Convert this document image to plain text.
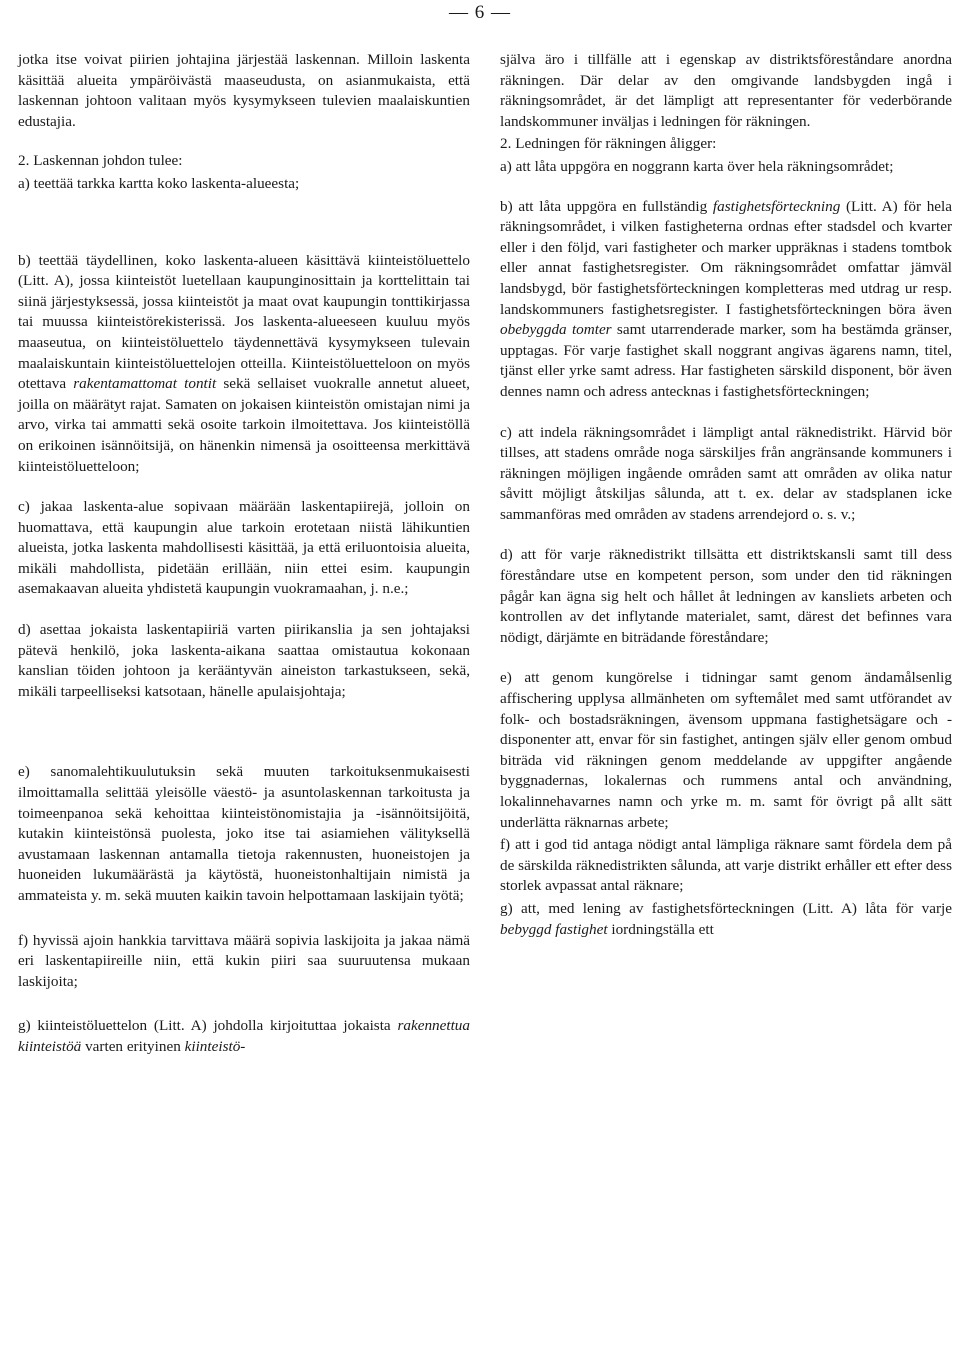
— 6 —

jotka itse voivat piirien johtajina järjestää laskennan. Milloin laskenta käsittää alueita ympäröivästä maaseudusta, on asianmukaista, että laskennan johtoon valitaan myös kysymykseen tulevien maalaiskuntien edustajia.

2. Laskennan johdon tulee:

a) teettää tarkka kartta koko laskenta-alueesta;

b) teettää täydellinen, koko laskenta-alueen käsittävä kiinteistöluettelo (Litt. A), jossa kiinteistöt luetellaan kaupunginosittain ja korttelittain tai siinä järjestyksessä, jossa kiinteistöt ja maat ovat kaupungin tonttikirjassa tai muussa kiinteistörekisterissä. Jos laskenta-alueeseen kuuluu myös maaseutua, on kiinteistöluettelo täydennettävä kysymykseen tulevain maalaiskuntain kiinteistöluettelojen otteilla. Kiinteistöluetteloon on myös otettava rakentamattomat tontit sekä sellaiset vuokralle annetut alueet, joilla on määrätyt rajat. Samaten on jokaisen kiinteistön omistajan nimi ja arvo, virka tai ammatti sekä osoite tarkoin ilmoitettava. Jos kiinteistöllä on erikoinen isännöitsijä, on hänenkin nimensä ja osoitteensa merkittävä kiinteistöluetteloon;

c) jakaa laskenta-alue sopivaan määrään laskentapiirejä, jolloin on huomattava, että kaupungin alue tarkoin erotetaan niistä lähikuntien alueista, jotka laskenta mahdollisesti käsittää, ja että eriluontoisia alueita, mikäli mahdollista, pidetään erillään, niin ettei esim. kaupungin asemakaavan alueita yhdistetä kaupungin vuokramaahan, j. n.e.;

d) asettaa jokaista laskentapiiriä varten piirikanslia ja sen johtajaksi pätevä henkilö, joka laskenta-aikana saattaa omistautua kokonaan kanslian töiden johtoon ja kerääntyvän aineiston tarkastukseen, sekä, mikäli tarpeelliseksi katsotaan, hänelle apulaisjohtaja;

e) sanomalehtikuulutuksin sekä muuten tarkoituksenmukaisesti ilmoittamalla selittää yleisölle väestö- ja asuntolaskennan tarkoitusta ja toimeenpanoa sekä kehoittaa kiinteistönomistajia ja -isännöitsijöitä, kutakin kiinteistönsä puolesta, joko itse tai asiamiehen välityksellä avustamaan laskennan antamalla tietoja rakennusten, huoneistojen ja huoneiden lukumäärästä ja käytöstä, huoneistonhaltijain nimistä ja ammateista y. m. sekä muuten kaikin tavoin helpottamaan laskijain työtä;

f) hyvissä ajoin hankkia tarvittava määrä sopivia laskijoita ja jakaa nämä eri laskentapiireille niin, että kukin piiri saa suuruutensa mukaan laskijoita;

g) kiinteistöluettelon (Litt. A) johdolla kirjoituttaa jokaista rakennettua kiinteistöä varten erityinen kiinteistö-

själva äro i tillfälle att i egenskap av distriktsföreståndare anordna räkningen. Där delar av den omgivande landsbygden ingå i räkningsområdet, är det lämpligt att representanter för vederbörande landskommuner inväljas i ledningen för räkningen.

2. Ledningen för räkningen åligger:

a) att låta uppgöra en noggrann karta över hela räkningsområdet;

b) att låta uppgöra en fullständig fastighetsförteckning (Litt. A) för hela räkningsområdet, i vilken fastigheterna ordnas efter stadsdel och kvarter eller i den följd, vari fastigheter och marker uppräknas i stadens tomtbok eller annat fastighetsregister. Om räkningsområdet omfattar jämväl landsbygd, bör fastighetsförteckningen kompletteras med utdrag ur resp. landskommuners fastighetsregister. I fastighetsförteckningen böra även obebyggda tomter samt utarrenderade marker, som ha bestämda gränser, upptagas. För varje fastighet skall noggrant angivas ägarens namn, titel, tjänst eller yrke samt adress. Har fastigheten särskild disponent, bör även dennes namn och adress antecknas i fastighetsförteckningen;

c) att indela räkningsområdet i lämpligt antal räknedistrikt. Härvid bör tillses, att stadens område noga särskiljes från angränsande kommuners i räkningen möjligen ingående områden samt att områden av olika natur såvitt möjligt åtskiljas sålunda, att t. ex. delar av stadsplanen icke sammanföras med områden av stadens arrendejord o. s. v.;

d) att för varje räknedistrikt tillsätta ett distriktskansli samt till dess föreståndare utse en kompetent person, som under den tid räkningen pågår kan ägna sig helt och hållet åt ledningen av kansliets arbeten och kontrollen av det inflytande materialet, samt, därest det befinnes vara nödigt, därjämte en biträdande föreståndare;

e) att genom kungörelse i tidningar samt genom ändamålsenlig affischering upplysa allmänheten om syftemålet med samt utförandet av folk- och bostadsräkningen, ävensom uppmana fastighetsägare och -disponenter att, envar för sin fastighet, antingen själv eller genom ombud biträda vid räkningen genom meddelande av uppgifter angående byggnadernas, lokalernas och rummens antal och användning, lokalinnehavarnes namn och yrke m. m. samt för övrigt på allt sätt underlätta räknarnas arbete;

f) att i god tid antaga nödigt antal lämpliga räknare samt fördela dem på de särskilda räknedistrikten sålunda, att varje distrikt erhåller ett efter dess storlek avpassat antal räknare;

g) att, med lening av fastighetsförteckningen (Litt. A) låta för varje bebyggd fastighet iordningställa ett
